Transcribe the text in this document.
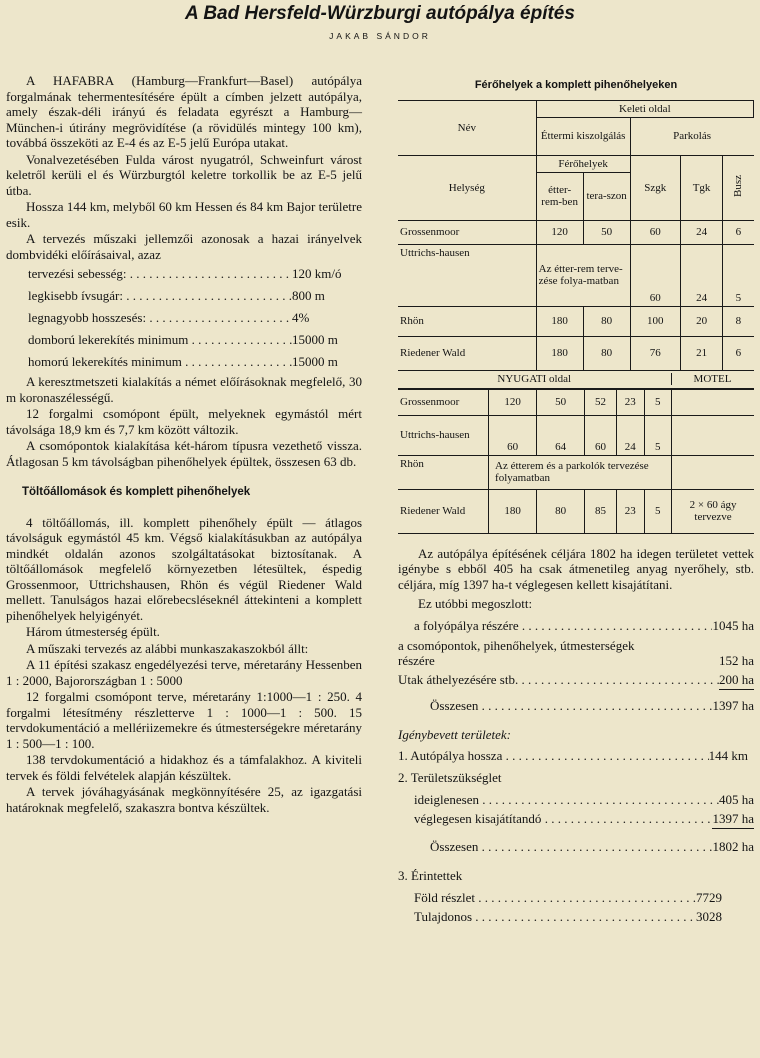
A Bad Hersfeld-Würzburgi autópálya építés
JAKAB SÁNDOR

A HAFABRA (Hamburg—Frankfurt—Basel) autópálya forgalmának tehermentesítésére épült a címben jelzett autópálya, amely észak-déli irányú és feladata egyrészt a Hamburg—München-i útirány megrövidítése (a rövidülés mintegy 100 km), továbbá összeköti az E-4 és az E-5 jelű Európa utakat.

Vonalvezetésében Fulda várost nyugatról, Schweinfurt várost keletről kerüli el és Würzburgtól keletre torkollik be az E-5 jelű útba.

Hossza 144 km, melyből 60 km Hessen és 84 km Bajor területre esik.

A tervezés műszaki jellemzői azonosak a hazai irányelvek dombvidéki előírásaival, azaz

tervezési sebesség: . . .	120 km/ó
legkisebb ívsugár: . . .	800 m
legnagyobb hosszesés: . . .	4%
domború lekerekítés minimum . . .	15000 m
homorú lekerekítés minimum . . .	15000 m

A keresztmetszeti kialakítás a német előírásoknak megfelelő, 30 m koronaszélességű.

12 forgalmi csomópont épült, melyeknek egymástól mért távolsága 18,9 km és 7,7 km között változik.

A csomópontok kialakítása két-három típusra vezethető vissza. Átlagosan 5 km távolságban pihenőhelyek épültek, összesen 63 db.

Töltőállomások és komplett pihenőhelyek

4 töltőállomás, ill. komplett pihenőhely épült — átlagos távolságuk egymástól 45 km. Végső kialakításukban az autópálya mindkét oldalán azonos szolgáltatásokat biztosítanak. A töltőállomások megfelelő környezetben létesültek, éspedig Grossenmoor, Uttrichshausen, Rhön és végül Riedener Wald mellett. Tanulságos hazai előrebecsléseknél áttekinteni a komplett pihenőhelyek helyigényét.

Három útmesterség épült.

A műszaki tervezés az alábbi munkaszakaszokból állt:

A 11 építési szakasz engedélyezési terve, méretarány Hessenben 1 : 2000, Bajorországban 1 : 5000

12 forgalmi csomópont terve, méretarány 1:1000—1 : 250. 4 forgalmi létesítmény részletterve 1 : 1000—1 : 500. 15 tervdokumentáció a mellériizemekre és útmesterségekre méretarány 1 : 500—1 : 100.

138 tervdokumentáció a hidakhoz és a támfalakhoz. A kiviteli tervek és földi felvételek alapján készültek.

A tervek jóváhagyásának megkönnyítésére 25, az igazgatási határoknak megfelelő, szakaszra bontva készültek.

Férőhelyek a komplett pihenőhelyeken
Név	Keleti oldal				
	Éttermi kiszolgálás		Parkolás		
Helység	Férőhelyek		Szgk	Tgk	Busz
	étter-rem-ben	tera-szon			
Grossenmoor	120	50	60	24	6
Uttrichs-hausen	Az étter-rem terve-zése folya-matban		60	24	5
Rhön	180	80	100	20	8
Riedener Wald	180	80	76	21	6

NYUGATI oldal MOTEL					
Grossenmoor	120	50	52	23	5	
Uttrichs-hausen	60	64	60	24	5	
Rhön	Az étterem és a parkolók tervezése folyamatban					
Riedener Wald	180	80	85	23	5	2 × 60 ágy tervezve

Az autópálya építésének céljára 1802 ha idegen területet vettek igénybe s ebből 405 ha csak átmenetileg anyag nyerőhely, stb. céljára, míg 1397 ha-t véglegesen kellett kisajátítani.

Ez utóbbi megoszlott:

a folyópálya részére . . .	1045 ha
a csomópontok, pihenőhelyek, útmesterségek részére	152 ha
Utak áthelyezésére stb. . . .	200 ha
Összesen . . .	1397 ha
Igénybevett területek:
1. Autópálya hossza . . .	144 km
2. Területszükséglet
ideiglenesen . . .	405 ha
véglegesen kisajátítandó . . .	1397 ha
Összesen . . .	1802 ha
3. Érintettek
Föld részlet . . .	7729
Tulajdonos . . .	3028
